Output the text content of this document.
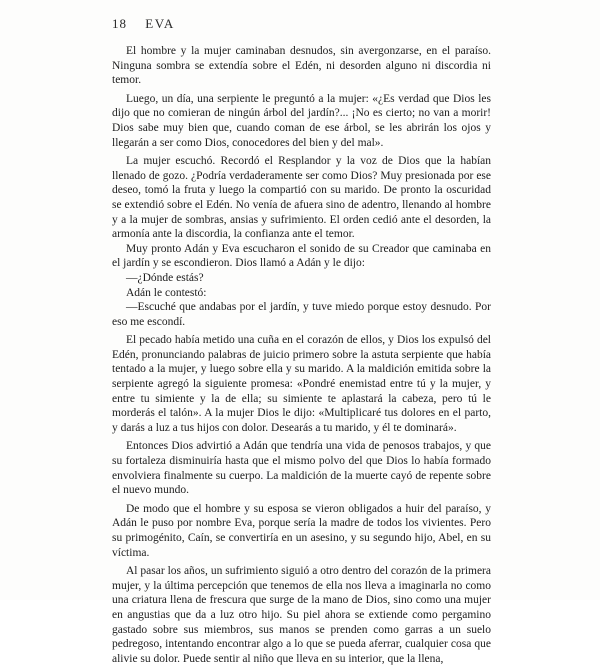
18 EVA

El hombre y la mujer caminaban desnudos, sin avergonzarse, en el paraíso. Ninguna sombra se extendía sobre el Edén, ni desorden alguno ni discordia ni temor.

Luego, un día, una serpiente le preguntó a la mujer: «¿Es verdad que Dios les dijo que no comieran de ningún árbol del jardín?... ¡No es cierto; no van a morir! Dios sabe muy bien que, cuando coman de ese árbol, se les abrirán los ojos y llegarán a ser como Dios, conocedores del bien y del mal».

La mujer escuchó. Recordó el Resplandor y la voz de Dios que la habían llenado de gozo. ¿Podría verdaderamente ser como Dios? Muy presionada por ese deseo, tomó la fruta y luego la compartió con su marido. De pronto la oscuridad se extendió sobre el Edén. No venía de afuera sino de adentro, llenando al hombre y a la mujer de sombras, ansias y sufrimiento. El orden cedió ante el desorden, la armonía ante la discordia, la confianza ante el temor.

Muy pronto Adán y Eva escucharon el sonido de su Creador que caminaba en el jardín y se escondieron. Dios llamó a Adán y le dijo:

—¿Dónde estás?

Adán le contestó:

—Escuché que andabas por el jardín, y tuve miedo porque estoy desnudo. Por eso me escondí.

El pecado había metido una cuña en el corazón de ellos, y Dios los expulsó del Edén, pronunciando palabras de juicio primero sobre la astuta serpiente que había tentado a la mujer, y luego sobre ella y su marido. A la maldición emitida sobre la serpiente agregó la siguiente promesa: «Pondré enemistad entre tú y la mujer, y entre tu simiente y la de ella; su simiente te aplastará la cabeza, pero tú le morderás el talón». A la mujer Dios le dijo: «Multiplicaré tus dolores en el parto, y darás a luz a tus hijos con dolor. Desearás a tu marido, y él te dominará».

Entonces Dios advirtió a Adán que tendría una vida de penosos trabajos, y que su fortaleza disminuiría hasta que el mismo polvo del que Dios lo había formado envolviera finalmente su cuerpo. La maldición de la muerte cayó de repente sobre el nuevo mundo.

De modo que el hombre y su esposa se vieron obligados a huir del paraíso, y Adán le puso por nombre Eva, porque sería la madre de todos los vivientes. Pero su primogénito, Caín, se convertiría en un asesino, y su segundo hijo, Abel, en su víctima.

Al pasar los años, un sufrimiento siguió a otro dentro del corazón de la primera mujer, y la última percepción que tenemos de ella nos lleva a imaginarla no como una criatura llena de frescura que surge de la mano de Dios, sino como una mujer en angustias que da a luz otro hijo. Su piel ahora se extiende como pergamino gastado sobre sus miembros, sus manos se prenden como garras a un suelo pedregoso, intentando encontrar algo a lo que se pueda aferrar, cualquier cosa que alivie su dolor. Puede sentir al niño que lleva en su interior, que la llena,
